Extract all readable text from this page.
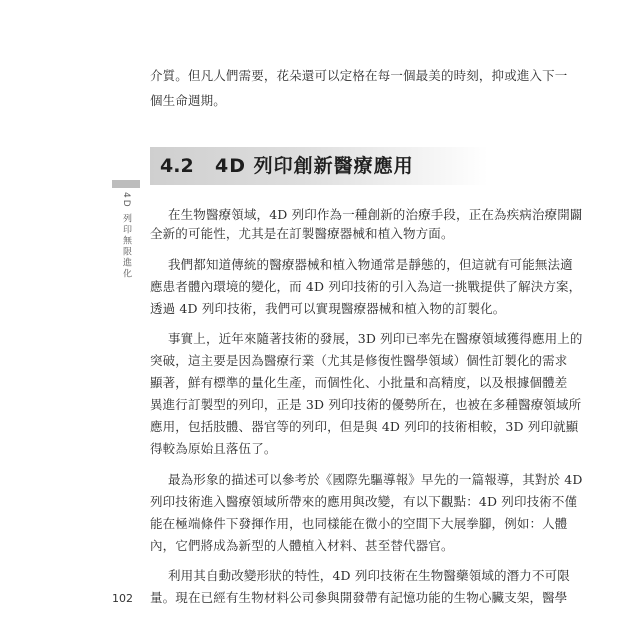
介質。但凡人們需要，花朵還可以定格在每一個最美的時刻，抑或進入下一
個生命週期。
4.2	4D 列印創新醫療應用
4D 列印無限進化	在生物醫療領域，4D 列印作為一種創新的治療手段，正在為疾病治療開闢
全新的可能性，尤其是在訂製醫療器械和植入物方面。
我們都知道傳統的醫療器械和植入物通常是靜態的，但這就有可能無法適
應患者體內環境的變化，而 4D 列印技術的引入為這一挑戰提供了解決方案，
透過 4D 列印技術，我們可以實現醫療器械和植入物的訂製化。
事實上，近年來隨著技術的發展，3D 列印已率先在醫療領域獲得應用上的
突破，這主要是因為醫療行業（尤其是修復性醫學領域）個性訂製化的需求
顯著，鮮有標準的量化生產，而個性化、小批量和高精度，以及根據個體差
異進行訂製型的列印，正是 3D 列印技術的優勢所在，也被在多種醫療領域所
應用，包括肢體、器官等的列印，但是與 4D 列印的技術相較，3D 列印就顯
得較為原始且落伍了。
最為形象的描述可以參考於《國際先驅導報》早先的一篇報導，其對於 4D
列印技術進入醫療領域所帶來的應用與改變，有以下觀點：4D 列印技術不僅
能在極端條件下發揮作用，也同樣能在微小的空間下大展拳腳，例如：人體
內，它們將成為新型的人體植入材料、甚至替代器官。
利用其自動改變形狀的特性，4D 列印技術在生物醫藥領域的潛力不可限
量。現在已經有生物材料公司參與開發帶有記憶功能的生物心臟支架，醫學
102
